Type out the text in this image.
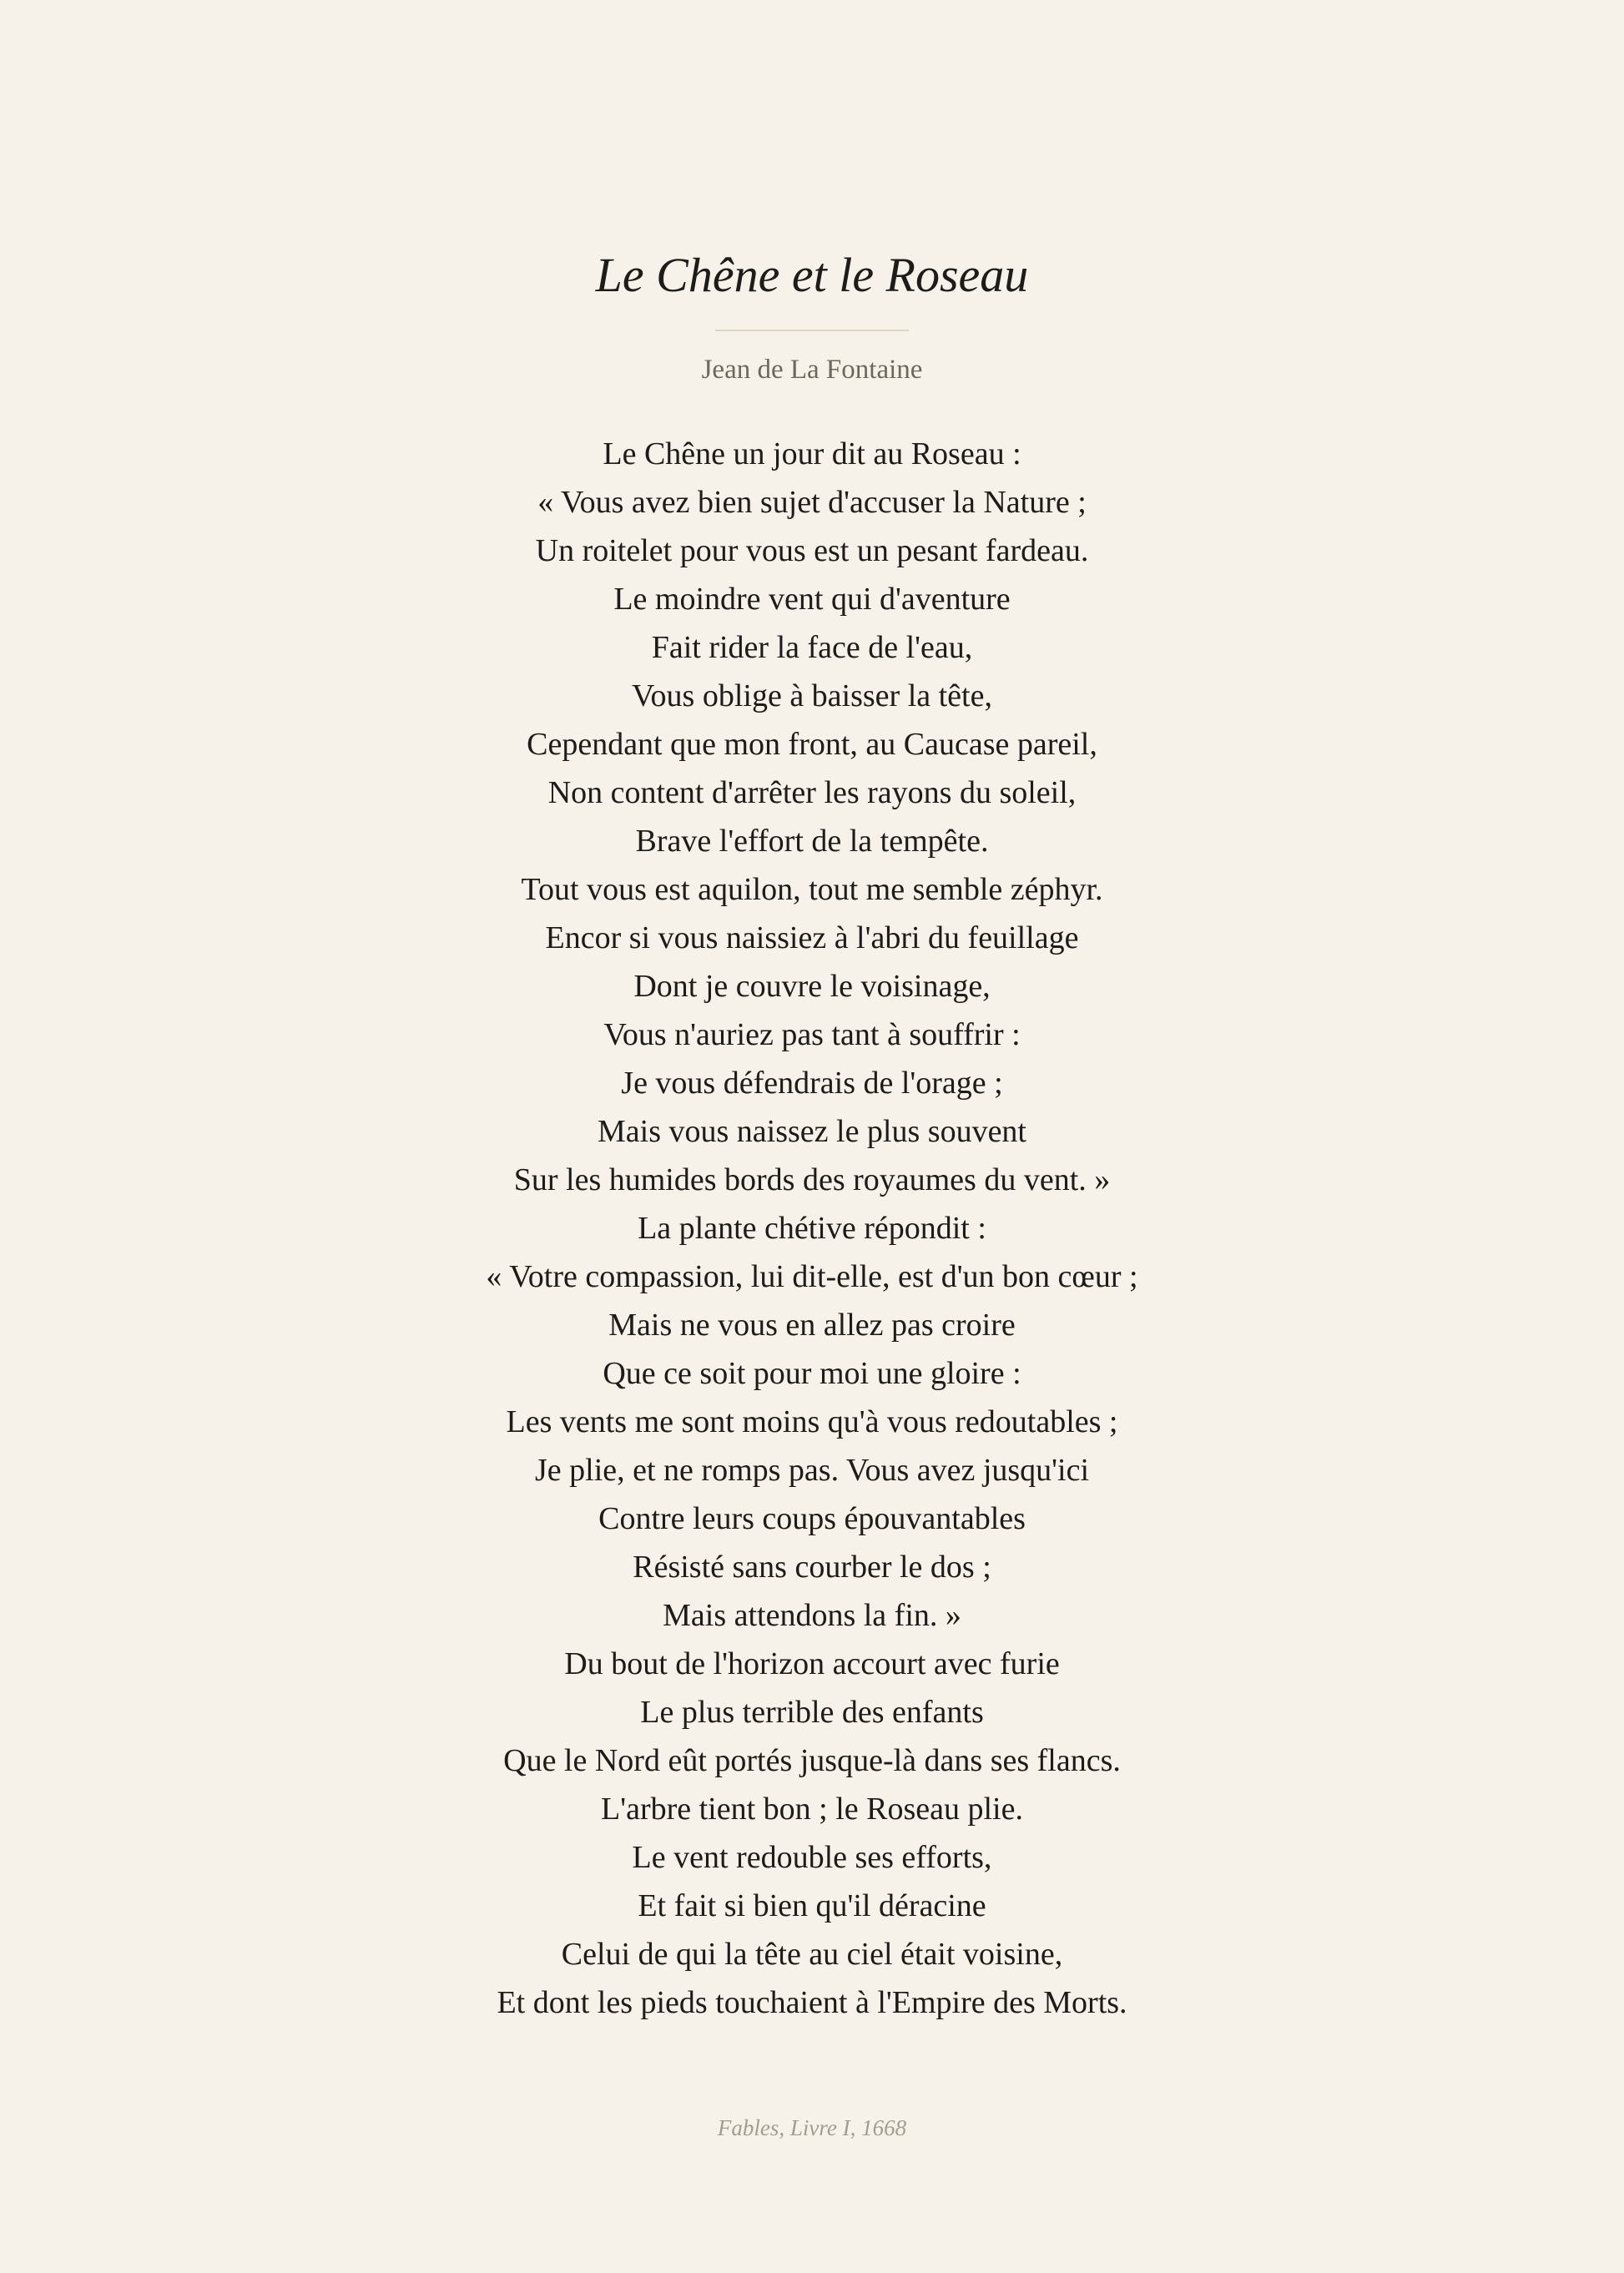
Le Chêne et le Roseau
Jean de La Fontaine
Le Chêne un jour dit au Roseau :
« Vous avez bien sujet d'accuser la Nature ;
Un roitelet pour vous est un pesant fardeau.
Le moindre vent qui d'aventure
Fait rider la face de l'eau,
Vous oblige à baisser la tête,
Cependant que mon front, au Caucase pareil,
Non content d'arrêter les rayons du soleil,
Brave l'effort de la tempête.
Tout vous est aquilon, tout me semble zéphyr.
Encor si vous naissiez à l'abri du feuillage
Dont je couvre le voisinage,
Vous n'auriez pas tant à souffrir :
Je vous défendrais de l'orage ;
Mais vous naissez le plus souvent
Sur les humides bords des royaumes du vent. »
La plante chétive répondit :
« Votre compassion, lui dit-elle, est d'un bon cœur ;
Mais ne vous en allez pas croire
Que ce soit pour moi une gloire :
Les vents me sont moins qu'à vous redoutables ;
Je plie, et ne romps pas. Vous avez jusqu'ici
Contre leurs coups épouvantables
Résisté sans courber le dos ;
Mais attendons la fin. »
Du bout de l'horizon accourt avec furie
Le plus terrible des enfants
Que le Nord eût portés jusque-là dans ses flancs.
L'arbre tient bon ; le Roseau plie.
Le vent redouble ses efforts,
Et fait si bien qu'il déracine
Celui de qui la tête au ciel était voisine,
Et dont les pieds touchaient à l'Empire des Morts.
Fables, Livre I, 1668
